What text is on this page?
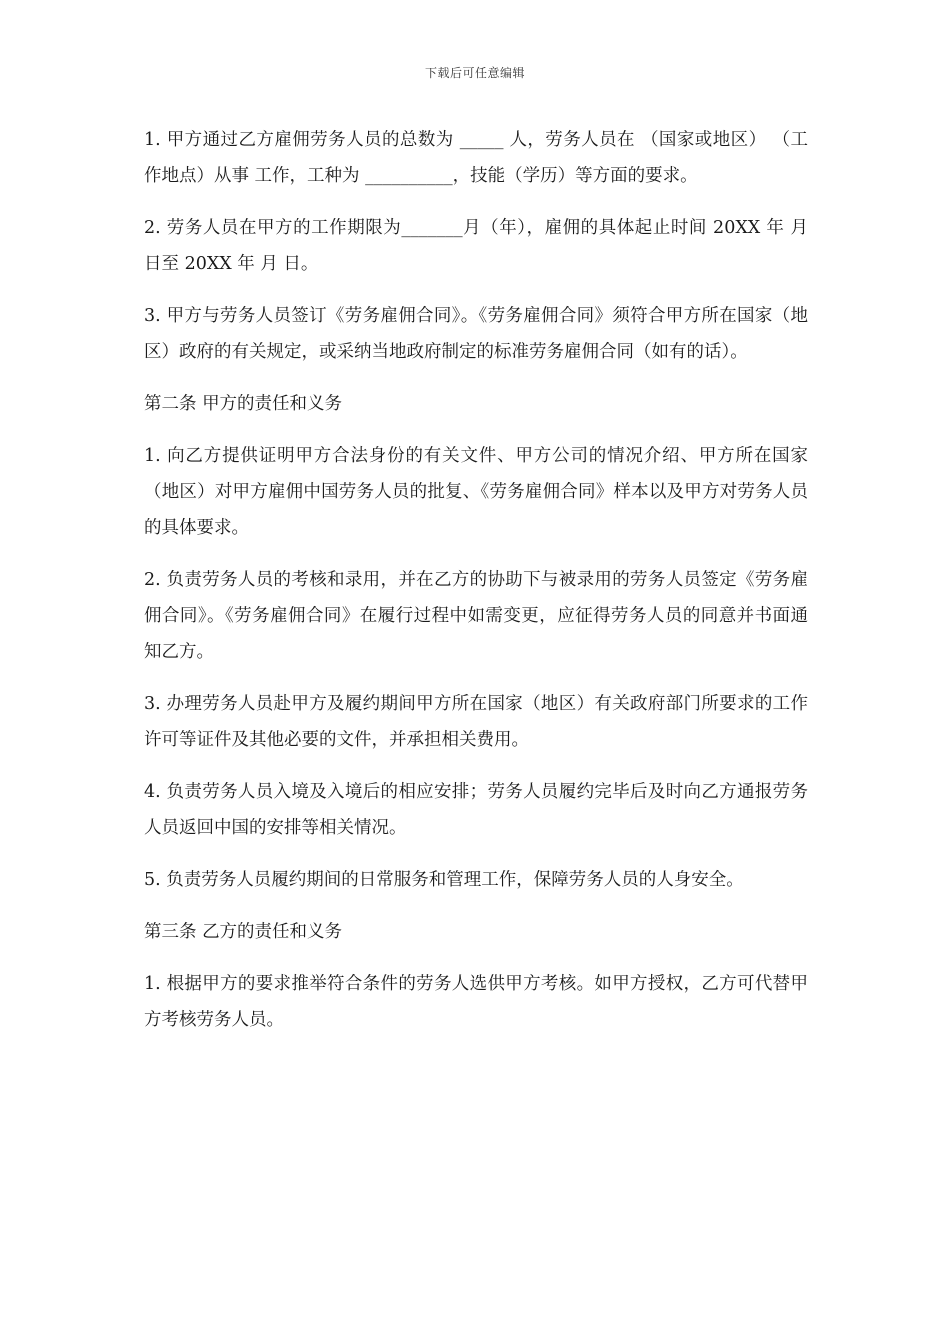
下载后可任意编辑

1. 甲方通过乙方雇佣劳务人员的总数为 _____ 人，劳务人员在 （国家或地区） （工作地点）从事 工作，工种为 __________，技能（学历）等方面的要求。

2. 劳务人员在甲方的工作期限为_______月（年），雇佣的具体起止时间 20XX 年 月 日至 20XX 年 月 日。

3. 甲方与劳务人员签订《劳务雇佣合同》。《劳务雇佣合同》须符合甲方所在国家（地区）政府的有关规定，或采纳当地政府制定的标准劳务雇佣合同（如有的话）。

第二条 甲方的责任和义务

1. 向乙方提供证明甲方合法身份的有关文件、甲方公司的情况介绍、甲方所在国家（地区）对甲方雇佣中国劳务人员的批复、《劳务雇佣合同》样本以及甲方对劳务人员的具体要求。

2. 负责劳务人员的考核和录用，并在乙方的协助下与被录用的劳务人员签定《劳务雇佣合同》。《劳务雇佣合同》在履行过程中如需变更，应征得劳务人员的同意并书面通知乙方。

3. 办理劳务人员赴甲方及履约期间甲方所在国家（地区）有关政府部门所要求的工作许可等证件及其他必要的文件，并承担相关费用。

4. 负责劳务人员入境及入境后的相应安排；劳务人员履约完毕后及时向乙方通报劳务人员返回中国的安排等相关情况。

5. 负责劳务人员履约期间的日常服务和管理工作，保障劳务人员的人身安全。

第三条 乙方的责任和义务

1. 根据甲方的要求推举符合条件的劳务人选供甲方考核。如甲方授权，乙方可代替甲方考核劳务人员。
